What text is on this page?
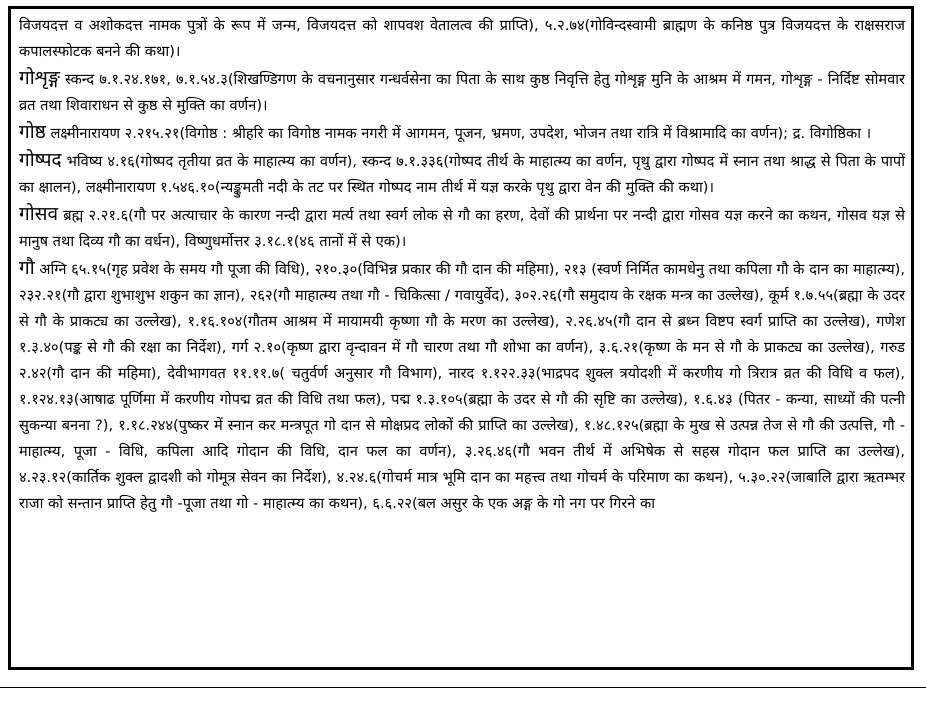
विजयदत्त व अशोकदत्त नामक पुत्रों के रूप में जन्म, विजयदत्त को शापवश वेतालत्व की प्राप्ति), ५.२.७४(गोविन्दस्वामी ब्राह्मण के कनिष्ठ पुत्र विजयदत्त के राक्षसराज कपालस्फोटक बनने की कथा)।

गोशृङ्ग स्कन्द ७.१.२४.१७१, ७.१.५४.३(शिखण्डिगण के वचनानुसार गन्धर्वसेना का पिता के साथ कुष्ठ निवृत्ति हेतु गोशृङ्ग मुनि के आश्रम में गमन, गोशृङ्ग - निर्दिष्ट सोमवार व्रत तथा शिवाराधन से कुष्ठ से मुक्ति का वर्णन)।

गोष्ठ लक्ष्मीनारायण २.२१५.२१(विगोष्ठ : श्रीहरि का विगोष्ठ नामक नगरी में आगमन, पूजन, भ्रमण, उपदेश, भोजन तथा रात्रि में विश्रामादि का वर्णन); द्र. विगोष्ठिका ।

गोष्पद भविष्य ४.१६(गोष्पद तृतीया व्रत के माहात्म्य का वर्णन), स्कन्द ७.१.३३६(गोष्पद तीर्थ के माहात्म्य का वर्णन, पृथु द्वारा गोष्पद में स्नान तथा श्राद्ध से पिता के पापों का क्षालन), लक्ष्मीनारायण १.५४६.१०(न्यङ्कुमती नदी के तट पर स्थित गोष्पद नाम तीर्थ में यज्ञ करके पृथु द्वारा वेन की मुक्ति की कथा)।

गोसव ब्रह्म २.२१.६(गौ पर अत्याचार के कारण नन्दी द्वारा मर्त्य तथा स्वर्ग लोक से गौ का हरण, देवों की प्रार्थना पर नन्दी द्वारा गोसव यज्ञ करने का कथन, गोसव यज्ञ से मानुष तथा दिव्य गौ का वर्धन), विष्णुधर्मोत्तर ३.१८.१(४६ तानों में से एक)।

गौ अग्नि ६५.१५(गृह प्रवेश के समय गौ पूजा की विधि), २१०.३०(विभिन्न प्रकार की गौ दान की महिमा), २१३ (स्वर्ण निर्मित कामधेनु तथा कपिला गौ के दान का माहात्म्य), २३२.२१(गौ द्वारा शुभाशुभ शकुन का ज्ञान), २६२(गौ माहात्म्य तथा गौ - चिकित्सा / गवायुर्वेद), ३०२.२६(गौ समुदाय के रक्षक मन्त्र का उल्लेख), कूर्म १.७.५५(ब्रह्मा के उदर से गौ के प्राकट्य का उल्लेख), १.१६.१०४(गौतम आश्रम में मायामयी कृष्णा गौ के मरण का उल्लेख), २.२६.४५(गौ दान से ब्रध्न विष्टप स्वर्ग प्राप्ति का उल्लेख), गणेश १.३.४०(पङ्क से गौ की रक्षा का निर्देश), गर्ग २.१०(कृष्ण द्वारा वृन्दावन में गौ चारण तथा गौ शोभा का वर्णन), ३.६.२१(कृष्ण के मन से गौ के प्राकट्य का उल्लेख), गरुड २.४२(गौ दान की महिमा), देवीभागवत ११.११.७( चतुर्वर्ण अनुसार गौ विभाग), नारद १.१२२.३३(भाद्रपद शुक्ल त्रयोदशी में करणीय गो त्रिरात्र व्रत की विधि व फल), १.१२४.१३(आषाढ पूर्णिमा में करणीय गोपद्म व्रत की विधि तथा फल), पद्म १.३.१०५(ब्रह्मा के उदर से गौ की सृष्टि का उल्लेख), १.६.४३ (पितर - कन्या, साध्यों की पत्नी सुकन्या बनना ?), १.१८.२४४(पुष्कर में स्नान कर मन्त्रपूत गो दान से मोक्षप्रद लोकों की प्राप्ति का उल्लेख), १.४८.१२५(ब्रह्मा के मुख से उत्पन्न तेज से गौ की उत्पत्ति, गौ - माहात्म्य, पूजा - विधि, कपिला आदि गोदान की विधि, दान फल का वर्णन), ३.२६.४६(गौ भवन तीर्थ में अभिषेक से सहस्र गोदान फल प्राप्ति का उल्लेख), ४.२३.१२(कार्तिक शुक्ल द्वादशी को गोमूत्र सेवन का निर्देश), ४.२४.६(गोचर्म मात्र भूमि दान का महत्त्व तथा गोचर्म के परिमाण का कथन), ५.३०.२२(जाबालि द्वारा ऋतम्भर राजा को सन्तान प्राप्ति हेतु गौ -पूजा तथा गो - माहात्म्य का कथन), ६.६.२२(बल असुर के एक अङ्ग के गो नग पर गिरने का
